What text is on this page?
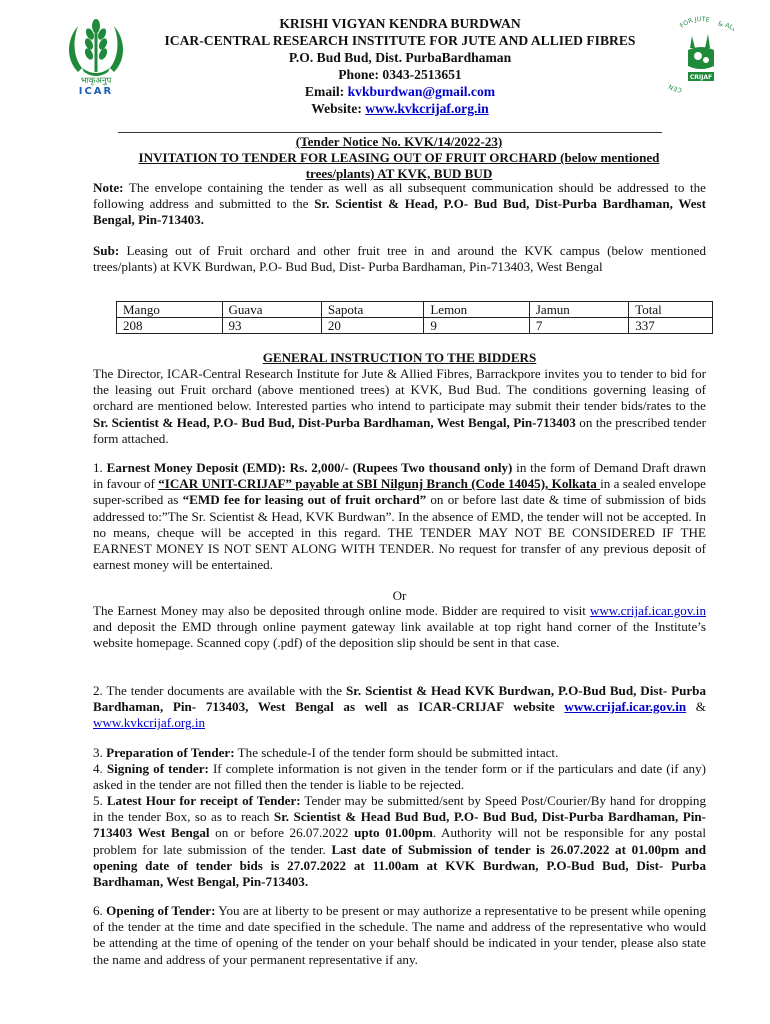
भाकृअनुप
ICAR	CEN
FOR JUTE
& AL
CRIJAF
KRISHI VIGYAN KENDRA BURDWAN
ICAR-CENTRAL RESEARCH INSTITUTE FOR JUTE AND ALLIED FIBRES
P.O. Bud Bud, Dist. PurbaBardhaman
Phone: 0343-2513651
Email: kvkburdwan@gmail.com
Website: www.kvkcrijaf.org.in
(Tender Notice No. KVK/14/2022-23)
INVITATION TO TENDER FOR LEASING OUT OF FRUIT ORCHARD (below mentioned
trees/plants) AT KVK, BUD BUD
Note: The envelope containing the tender as well as all subsequent communication should be addressed to the following address and submitted to the Sr. Scientist & Head, P.O- Bud Bud, Dist-Purba Bardhaman, West Bengal, Pin-713403.
Sub: Leasing out of Fruit orchard and other fruit tree in and around the KVK campus (below mentioned trees/plants) at KVK Burdwan, P.O- Bud Bud, Dist- Purba Bardhaman, Pin-713403, West Bengal
Mango	Guava	Sapota	Lemon	Jamun	Total
208	93	20	9	7	337
GENERAL INSTRUCTION TO THE BIDDERS
The Director, ICAR-Central Research Institute for Jute & Allied Fibres, Barrackpore invites you to tender to bid for the leasing out Fruit orchard (above mentioned trees) at KVK, Bud Bud. The conditions governing leasing of orchard are mentioned below. Interested parties who intend to participate may submit their tender bids/rates to the Sr. Scientist & Head, P.O- Bud Bud, Dist-Purba Bardhaman, West Bengal, Pin-713403 on the prescribed tender form attached.
1. Earnest Money Deposit (EMD): Rs. 2,000/- (Rupees Two thousand only) in the form of Demand Draft drawn in favour of “ICAR UNIT-CRIJAF” payable at SBI Nilgunj Branch (Code 14045), Kolkata in a sealed envelope super-scribed as “EMD fee for leasing out of fruit orchard” on or before last date & time of submission of bids addressed to:”The Sr. Scientist & Head, KVK Burdwan”. In the absence of EMD, the tender will not be accepted. In no means, cheque will be accepted in this regard. THE TENDER MAY NOT BE CONSIDERED IF THE EARNEST MONEY IS NOT SENT ALONG WITH TENDER. No request for transfer of any previous deposit of earnest money will be entertained.
Or
The Earnest Money may also be deposited through online mode. Bidder are required to visit www.crijaf.icar.gov.in and deposit the EMD through online payment gateway link available at top right hand corner of the Institute’s website homepage. Scanned copy (.pdf) of the deposition slip should be sent in that case.
2. The tender documents are available with the Sr. Scientist & Head KVK Burdwan, P.O-Bud Bud, Dist- Purba Bardhaman, Pin- 713403, West Bengal as well as ICAR-CRIJAF website www.crijaf.icar.gov.in & www.kvkcrijaf.org.in
3. Preparation of Tender: The schedule-I of the tender form should be submitted intact.
4. Signing of tender: If complete information is not given in the tender form or if the particulars and date (if any) asked in the tender are not filled then the tender is liable to be rejected.
5. Latest Hour for receipt of Tender: Tender may be submitted/sent by Speed Post/Courier/By hand for dropping in the tender Box, so as to reach Sr. Scientist & Head Bud Bud, P.O- Bud Bud, Dist-Purba Bardhaman, Pin-713403 West Bengal on or before 26.07.2022 upto 01.00pm. Authority will not be responsible for any postal problem for late submission of the tender. Last date of Submission of tender is 26.07.2022 at 01.00pm and opening date of tender bids is 27.07.2022 at 11.00am at KVK Burdwan, P.O-Bud Bud, Dist- Purba Bardhaman, West Bengal, Pin-713403.
6. Opening of Tender: You are at liberty to be present or may authorize a representative to be present while opening of the tender at the time and date specified in the schedule. The name and address of the representative who would be attending at the time of opening of the tender on your behalf should be indicated in your tender, please also state the name and address of your permanent representative if any.
